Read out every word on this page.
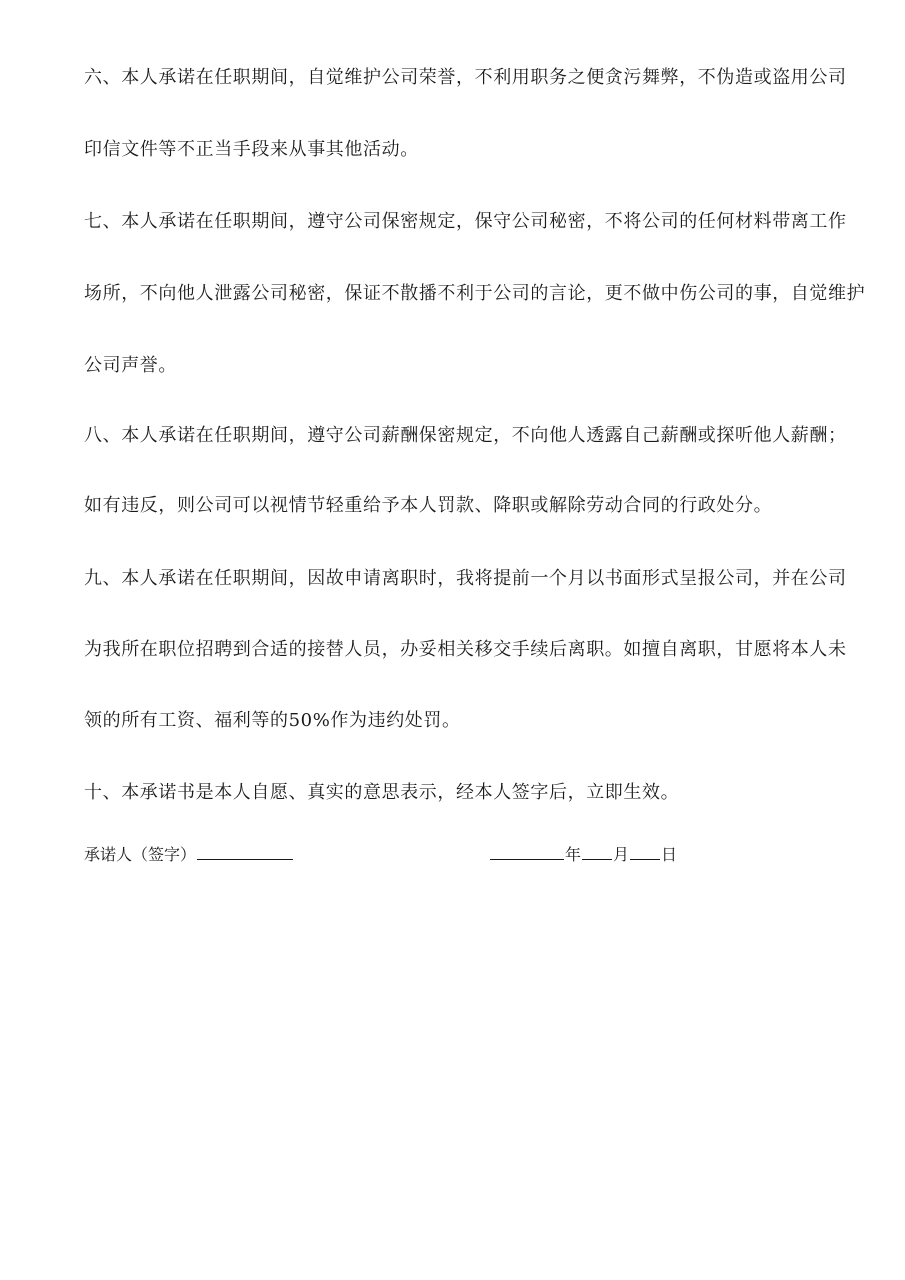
六、本人承诺在任职期间，自觉维护公司荣誉，不利用职务之便贪污舞弊，不伪造或盗用公司
印信文件等不正当手段来从事其他活动。
七、本人承诺在任职期间，遵守公司保密规定，保守公司秘密，不将公司的任何材料带离工作
场所，不向他人泄露公司秘密，保证不散播不利于公司的言论，更不做中伤公司的事，自觉维护
公司声誉。
八、本人承诺在任职期间，遵守公司薪酬保密规定，不向他人透露自己薪酬或探听他人薪酬；
如有违反，则公司可以视情节轻重给予本人罚款、降职或解除劳动合同的行政处分。
九、本人承诺在任职期间，因故申请离职时，我将提前一个月以书面形式呈报公司，并在公司
为我所在职位招聘到合适的接替人员，办妥相关移交手续后离职。如擅自离职，甘愿将本人未
领的所有工资、福利等的50%作为违约处罚。
十、本承诺书是本人自愿、真实的意思表示，经本人签字后，立即生效。
承诺人（签字）	年 月 日
